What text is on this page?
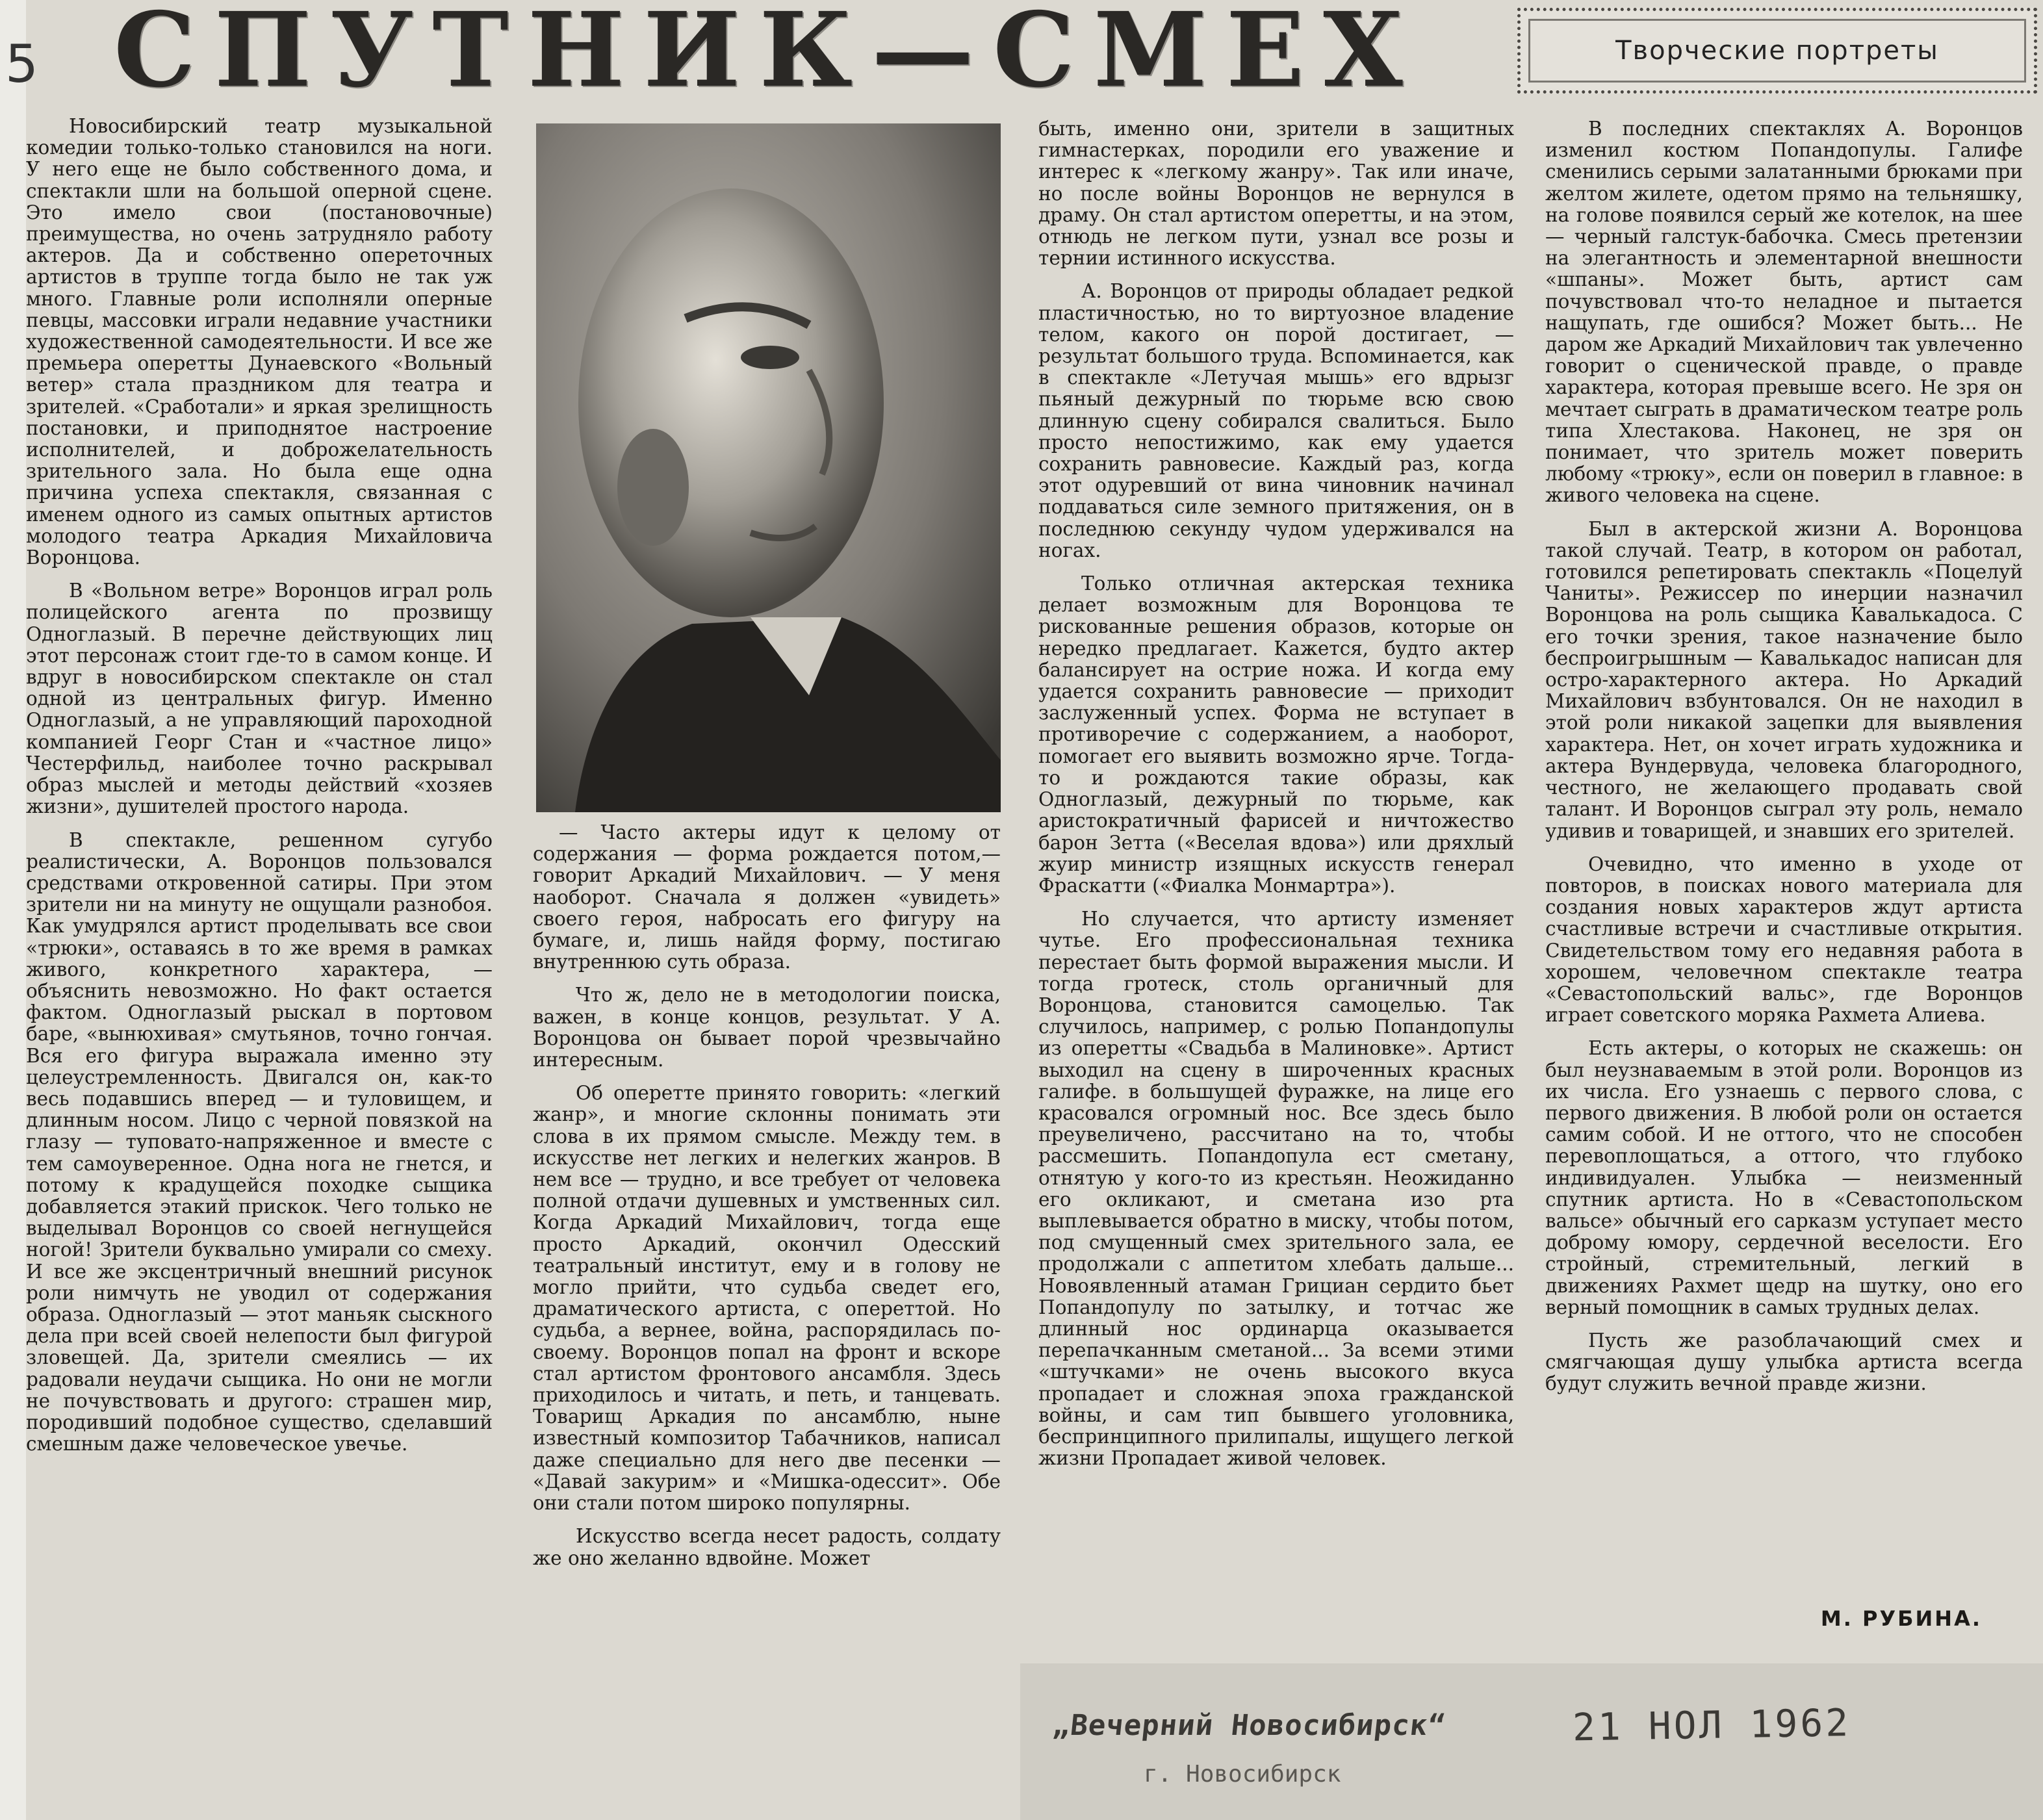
5 СПУТНИК—СМЕХ	Творческие портреты

Новосибирский театр музыкальной комедии только-только становился на ноги. У него еще не было собственного дома, и спектакли шли на большой оперной сцене. Это имело свои (постановочные) преимущества, но очень затрудняло работу актеров. Да и собственно опереточных артистов в труппе тогда было не так уж много. Главные роли исполняли оперные певцы, массовки играли недавние участники художественной самодеятельности. И все же премьера оперетты Дунаевского «Вольный ветер» стала праздником для театра и зрителей. «Сработали» и яркая зрелищность постановки, и приподнятое настроение исполнителей, и доброжелательность зрительного зала. Но была еще одна причина успеха спектакля, связанная с именем одного из самых опытных артистов молодого театра Аркадия Михайловича Воронцова.

В «Вольном ветре» Воронцов играл роль полицейского агента по прозвищу Одноглазый. В перечне действующих лиц этот персонаж стоит где-то в самом конце. И вдруг в новосибирском спектакле он стал одной из центральных фигур. Именно Одноглазый, а не управляющий пароходной компанией Георг Стан и «частное лицо» Честерфильд, наиболее точно раскрывал образ мыслей и методы действий «хозяев жизни», душителей простого народа.

В спектакле, решенном сугубо реалистически, А. Воронцов пользовался средствами откровенной сатиры. При этом зрители ни на минуту не ощущали разнобоя. Как умудрялся артист проделывать все свои «трюки», оставаясь в то же время в рамках живого, конкретного характера, — объяснить невозможно. Но факт остается фактом. Одноглазый рыскал в портовом баре, «вынюхивая» смутьянов, точно гончая. Вся его фигура выражала именно эту целеустремленность. Двигался он, как-то весь подавшись вперед — и туловищем, и длинным носом. Лицо с черной повязкой на глазу — туповато-напряженное и вместе с тем самоуверенное. Одна нога не гнется, и потому к крадущейся походке сыщика добавляется этакий прискок. Чего только не выделывал Воронцов со своей негнущейся ногой! Зрители буквально умирали со смеху. И все же эксцентричный внешний рисунок роли нимчуть не уводил от содержания образа. Одноглазый — этот маньяк сыскного дела при всей своей нелепости был фигурой зловещей. Да, зрители смеялись — их радовали неудачи сыщика. Но они не могли не почувствовать и другого: страшен мир, породивший подобное существо, сделавший смешным даже человеческое увечье.

— Часто актеры идут к целому от содержания — форма рождается потом,— говорит Аркадий Михайлович. — У меня наоборот. Сначала я должен «увидеть» своего героя, набросать его фигуру на бумаге, и, лишь найдя форму, постигаю внутреннюю суть образа.

Что ж, дело не в методологии поиска, важен, в конце концов, результат. У А. Воронцова он бывает порой чрезвычайно интересным.

Об оперетте принято говорить: «легкий жанр», и многие склонны понимать эти слова в их прямом смысле. Между тем. в искусстве нет легких и нелегких жанров. В нем все — трудно, и все требует от человека полной отдачи душевных и умственных сил. Когда Аркадий Михайлович, тогда еще просто Аркадий, окончил Одесский театральный институт, ему и в голову не могло прийти, что судьба сведет его, драматического артиста, с опереттой. Но судьба, а вернее, война, распорядилась по-своему. Воронцов попал на фронт и вскоре стал артистом фронтового ансамбля. Здесь приходилось и читать, и петь, и танцевать. Товарищ Аркадия по ансамблю, ныне известный композитор Табачников, написал даже специально для него две песенки — «Давай закурим» и «Мишка-одессит». Обе они стали потом широко популярны.

Искусство всегда несет радость, солдату же оно желанно вдвойне. Может

быть, именно они, зрители в защитных гимнастерках, породили его уважение и интерес к «легкому жанру». Так или иначе, но после войны Воронцов не вернулся в драму. Он стал артистом оперетты, и на этом, отнюдь не легком пути, узнал все розы и тернии истинного искусства.

А. Воронцов от природы обладает редкой пластичностью, но то виртуозное владение телом, какого он порой достигает, — результат большого труда. Вспоминается, как в спектакле «Летучая мышь» его вдрызг пьяный дежурный по тюрьме всю свою длинную сцену собирался свалиться. Было просто непостижимо, как ему удается сохранить равновесие. Каждый раз, когда этот одуревший от вина чиновник начинал поддаваться силе земного притяжения, он в последнюю секунду чудом удерживался на ногах.

Только отличная актерская техника делает возможным для Воронцова те рискованные решения образов, которые он нередко предлагает. Кажется, будто актер балансирует на острие ножа. И когда ему удается сохранить равновесие — приходит заслуженный успех. Форма не вступает в противоречие с содержанием, а наоборот, помогает его выявить возможно ярче. Тогда-то и рождаются такие образы, как Одноглазый, дежурный по тюрьме, как аристократичный фарисей и ничтожество барон Зетта («Веселая вдова») или дряхлый жуир министр изящных искусств генерал Фраскатти («Фиалка Монмартра»).

Но случается, что артисту изменяет чутье. Его профессиональная техника перестает быть формой выражения мысли. И тогда гротеск, столь органичный для Воронцова, становится самоцелью. Так случилось, например, с ролью Попандопулы из оперетты «Свадьба в Малиновке». Артист выходил на сцену в широченных красных галифе. в большущей фуражке, на лице его красовался огромный нос. Все здесь было преувеличено, рассчитано на то, чтобы рассмешить. Попандопула ест сметану, отнятую у кого-то из крестьян. Неожиданно его окликают, и сметана изо рта выплевывается обратно в миску, чтобы потом, под смущенный смех зрительного зала, ее продолжали с аппетитом хлебать дальше... Новоявленный атаман Грициан сердито бьет Попандопулу по затылку, и тотчас же длинный нос ординарца оказывается перепачканным сметаной... За всеми этими «штучками» не очень высокого вкуса пропадает и сложная эпоха гражданской войны, и сам тип бывшего уголовника, беспринципного прилипалы, ищущего легкой жизни Пропадает живой человек.

В последних спектаклях А. Воронцов изменил костюм Попандопулы. Галифе сменились серыми залатанными брюками при желтом жилете, одетом прямо на тельняшку, на голове появился серый же котелок, на шее — черный галстук-бабочка. Смесь претензии на элегантность и элементарной внешности «шпаны». Может быть, артист сам почувствовал что-то неладное и пытается нащупать, где ошибся? Может быть... Не даром же Аркадий Михайлович так увлеченно говорит о сценической правде, о правде характера, которая превыше всего. Не зря он мечтает сыграть в драматическом театре роль типа Хлестакова. Наконец, не зря он понимает, что зритель может поверить любому «трюку», если он поверил в главное: в живого человека на сцене.

Был в актерской жизни А. Воронцова такой случай. Театр, в котором он работал, готовился репетировать спектакль «Поцелуй Чаниты». Режиссер по инерции назначил Воронцова на роль сыщика Кавалькадоса. С его точки зрения, такое назначение было беспроигрышным — Кавалькадос написан для остро-характерного актера. Но Аркадий Михайлович взбунтовался. Он не находил в этой роли никакой зацепки для выявления характера. Нет, он хочет играть художника и актера Вундервуда, человека благородного, честного, не желающего продавать свой талант. И Воронцов сыграл эту роль, немало удивив и товарищей, и знавших его зрителей.

Очевидно, что именно в уходе от повторов, в поисках нового материала для создания новых характеров ждут артиста счастливые встречи и счастливые открытия. Свидетельством тому его недавняя работа в хорошем, человечном спектакле театра «Севастопольский вальс», где Воронцов играет советского моряка Рахмета Алиева.

Есть актеры, о которых не скажешь: он был неузнаваемым в этой роли. Воронцов из их числа. Его узнаешь с первого слова, с первого движения. В любой роли он остается самим собой. И не оттого, что не способен перевоплощаться, а оттого, что глубоко индивидуален. Улыбка — неизменный спутник артиста. Но в «Севастопольском вальсе» обычный его сарказм уступает место доброму юмору, сердечной веселости. Его стройный, стремительный, легкий в движениях Рахмет щедр на шутку, оно его верный помощник в самых трудных делах.

Пусть же разоблачающий смех и смягчающая душу улыбка артиста всегда будут служить вечной правде жизни.

М. РУБИНА.
„Вечерний Новосибирск“
г. Новосибирск
21 НОЛ 1962
